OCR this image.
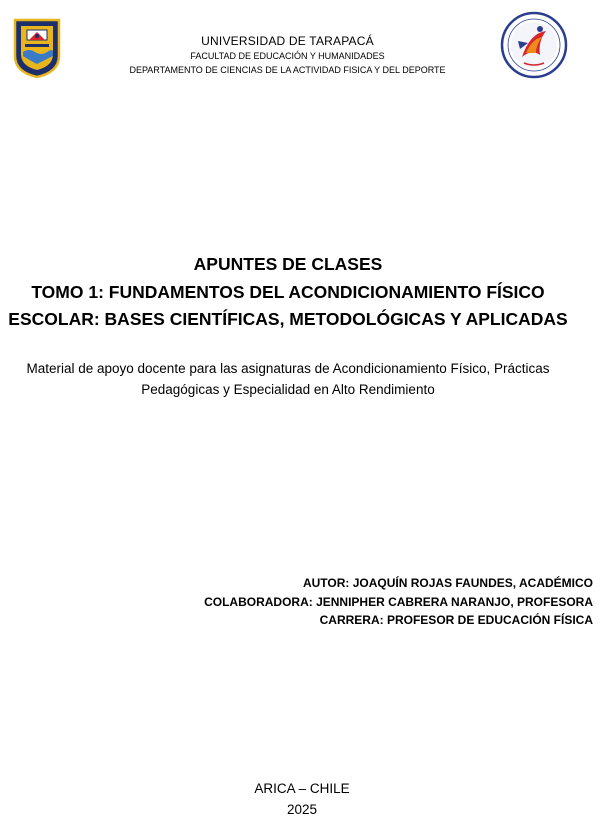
UNIVERSIDAD DE TARAPACÁ
FACULTAD DE EDUCACIÓN Y HUMANIDADES
DEPARTAMENTO DE CIENCIAS DE LA ACTIVIDAD FISICA Y DEL DEPORTE
APUNTES DE CLASES
TOMO 1: FUNDAMENTOS DEL ACONDICIONAMIENTO FÍSICO
ESCOLAR: BASES CIENTÍFICAS, METODOLÓGICAS Y APLICADAS
Material de apoyo docente para las asignaturas de Acondicionamiento Físico, Prácticas
Pedagógicas y Especialidad en Alto Rendimiento
AUTOR: JOAQUÍN ROJAS FAUNDES, ACADÉMICO
COLABORADORA: JENNIPHER CABRERA NARANJO, PROFESORA
CARRERA: PROFESOR DE EDUCACIÓN FÍSICA
ARICA – CHILE
2025
